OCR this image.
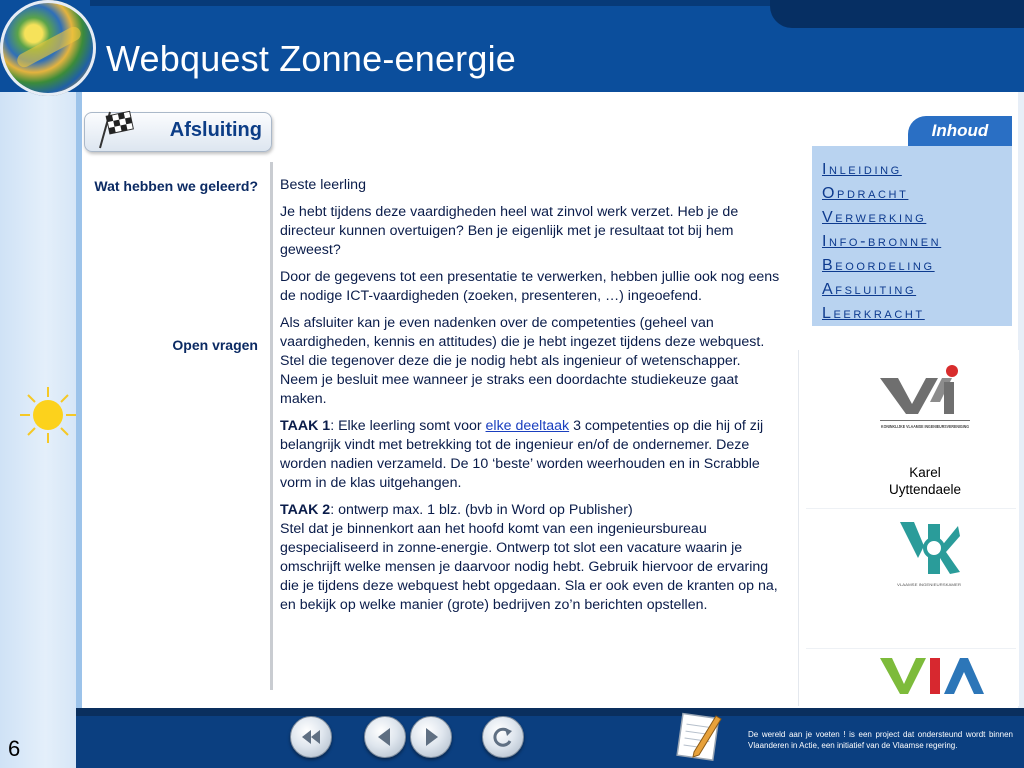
Webquest Zonne-energie
Afsluiting
Wat hebben we geleerd?
Open vragen

Beste leerling

Je hebt tijdens deze vaardigheden heel wat zinvol werk verzet. Heb je de directeur kunnen overtuigen? Ben je eigenlijk met je resultaat tot bij hem geweest?

Door de gegevens tot een presentatie te verwerken, hebben jullie ook nog eens de nodige ICT-vaardigheden (zoeken, presenteren, …) ingeoefend.

Als afsluiter kan je even nadenken over de competenties (geheel van vaardigheden, kennis en attitudes) die je hebt ingezet tijdens deze webquest. Stel die tegenover deze die je nodig hebt als ingenieur of wetenschapper. Neem je besluit mee wanneer je straks een doordachte studiekeuze gaat maken.

TAAK 1: Elke leerling somt voor elke deeltaak 3 competenties op die hij of zij belangrijk vindt met betrekking tot de ingenieur en/of de ondernemer. Deze worden nadien verzameld. De 10 ‘beste’ worden weerhouden en in Scrabble vorm in de klas uitgehangen.

TAAK 2: ontwerp max. 1 blz. (bvb in Word op Publisher)
Stel dat je binnenkort aan het hoofd komt van een ingenieursbureau gespecialiseerd in zonne-energie. Ontwerp tot slot een vacature waarin je omschrijft welke mensen je daarvoor nodig hebt. Gebruik hiervoor de ervaring die je tijdens deze webquest hebt opgedaan. Sla er ook even de kranten op na, en bekijk op welke manier (grote) bedrijven zo’n berichten opstellen.

Inhoud
Inleiding
Opdracht
Verwerking
Info-bronnen
Beoordeling
Afsluiting
Leerkracht
KONINKLIJKE VLAAMSE INGENIEURSVERENIGING
Karel
Uyttendaele
VLAAMSE INGENIEURSKAMER
VIA
6
De wereld aan je voeten ! is een project dat ondersteund wordt binnen Vlaanderen in Actie, een initiatief van de Vlaamse regering.
